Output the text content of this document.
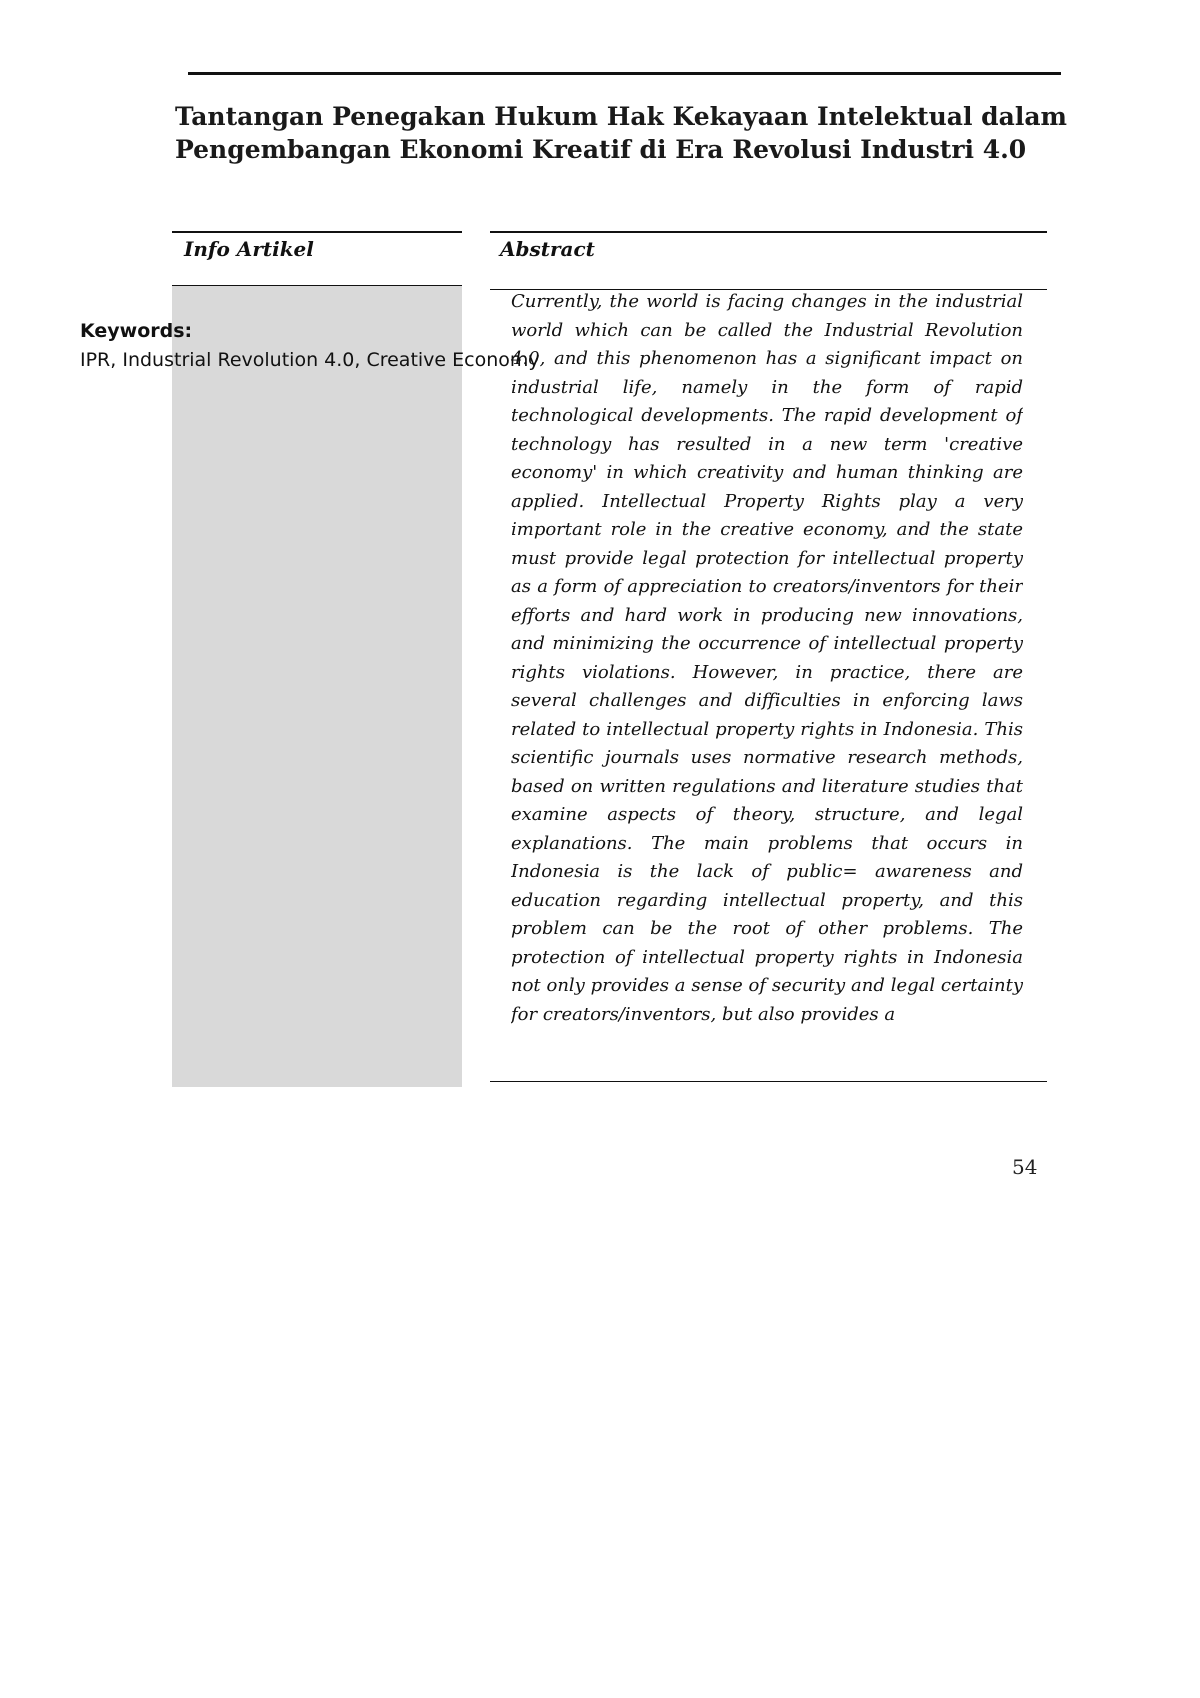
Tantangan Penegakan Hukum Hak Kekayaan Intelektual dalam
Pengembangan Ekonomi Kreatif di Era Revolusi Industri 4.0
Info Artikel	Abstract

Currently, the world is facing changes in the industrial world which can be called the Industrial Revolution 4.0, and this phenomenon has a significant impact on industrial life, namely in the form of rapid technological developments. The rapid development of technology has resulted in a new term 'creative economy' in which creativity and human thinking are applied. Intellectual Property Rights play a very important role in the creative economy, and the state must provide legal protection for intellectual property as a form of appreciation to creators/inventors for their efforts and hard work in producing new innovations, and minimizing the occurrence of intellectual property rights violations. However, in practice, there are several challenges and difficulties in enforcing laws related to intellectual property rights in Indonesia. This scientific journals uses normative research methods, based on written regulations and literature studies that examine aspects of theory, structure, and legal explanations. The main problems that occurs in Indonesia is the lack of public= awareness and education regarding intellectual property, and this problem can be the root of other problems. The protection of intellectual property rights in Indonesia not only provides a sense of security and legal certainty for creators/inventors, but also provides a

Keywords:
IPR, Industrial Revolution 4.0, Creative Economy
54
